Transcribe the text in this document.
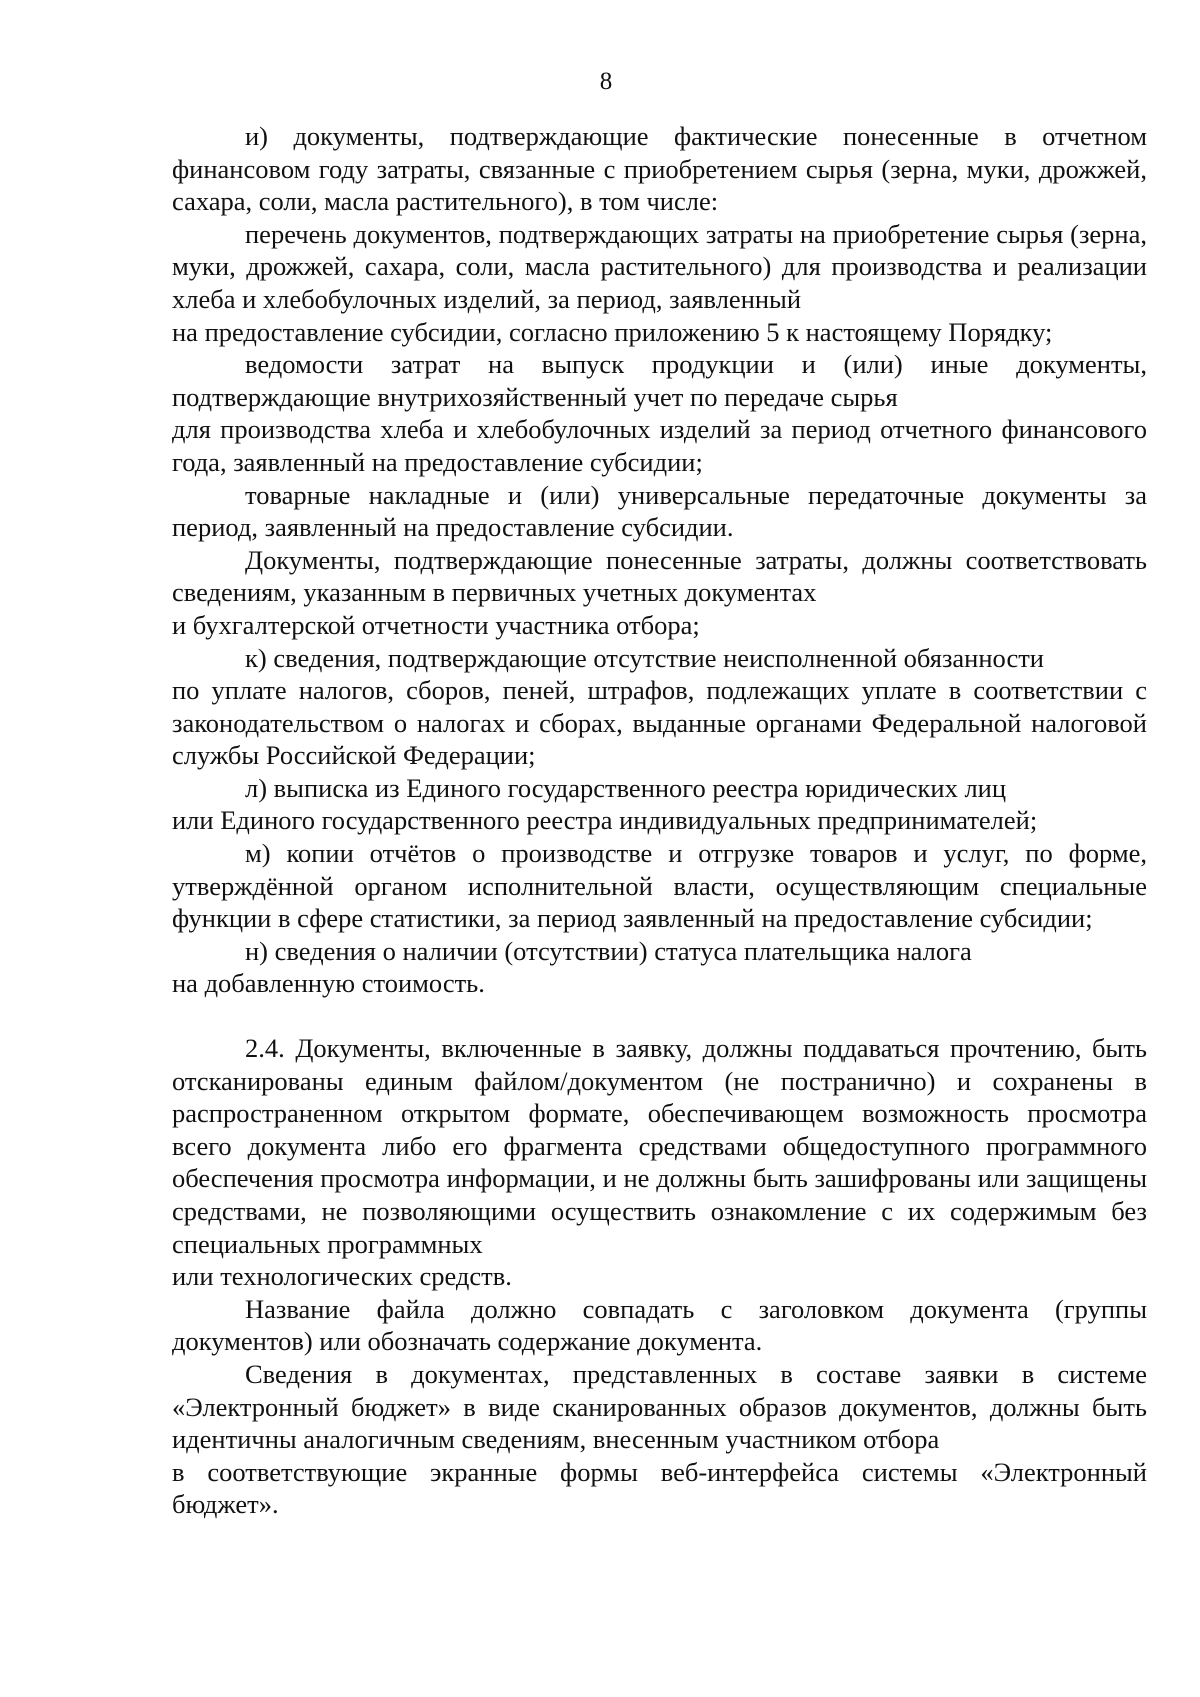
8

и) документы, подтверждающие фактические понесенные в отчетном финансовом году затраты, связанные с приобретением сырья (зерна, муки, дрожжей, сахара, соли, масла растительного), в том числе:

перечень документов, подтверждающих затраты на приобретение сырья (зерна, муки, дрожжей, сахара, соли, масла растительного) для производства и реализации хлеба и хлебобулочных изделий, за период, заявленный
на предоставление субсидии, согласно приложению 5 к настоящему Порядку;

ведомости затрат на выпуск продукции и (или) иные документы, подтверждающие внутрихозяйственный учет по передаче сырья
для производства хлеба и хлебобулочных изделий за период отчетного финансового года, заявленный на предоставление субсидии;

товарные накладные и (или) универсальные передаточные документы за период, заявленный на предоставление субсидии.

Документы, подтверждающие понесенные затраты, должны соответствовать сведениям, указанным в первичных учетных документах
и бухгалтерской отчетности участника отбора;

к) сведения, подтверждающие отсутствие неисполненной обязанности
по уплате налогов, сборов, пеней, штрафов, подлежащих уплате в соответствии с законодательством о налогах и сборах, выданные органами Федеральной налоговой службы Российской Федерации;

л) выписка из Единого государственного реестра юридических лиц
или Единого государственного реестра индивидуальных предпринимателей;

м) копии отчётов о производстве и отгрузке товаров и услуг, по форме, утверждённой органом исполнительной власти, осуществляющим специальные функции в сфере статистики, за период заявленный на предоставление субсидии;

н) сведения о наличии (отсутствии) статуса плательщика налога
на добавленную стоимость.

2.4. Документы, включенные в заявку, должны поддаваться прочтению, быть отсканированы единым файлом/документом (не постранично) и сохранены в распространенном открытом формате, обеспечивающем возможность просмотра всего документа либо его фрагмента средствами общедоступного программного обеспечения просмотра информации, и не должны быть зашифрованы или защищены средствами, не позволяющими осуществить ознакомление с их содержимым без специальных программных
или технологических средств.

Название файла должно совпадать с заголовком документа (группы документов) или обозначать содержание документа.

Сведения в документах, представленных в составе заявки в системе «Электронный бюджет» в виде сканированных образов документов, должны быть идентичны аналогичным сведениям, внесенным участником отбора
в соответствующие экранные формы веб-интерфейса системы «Электронный бюджет».
